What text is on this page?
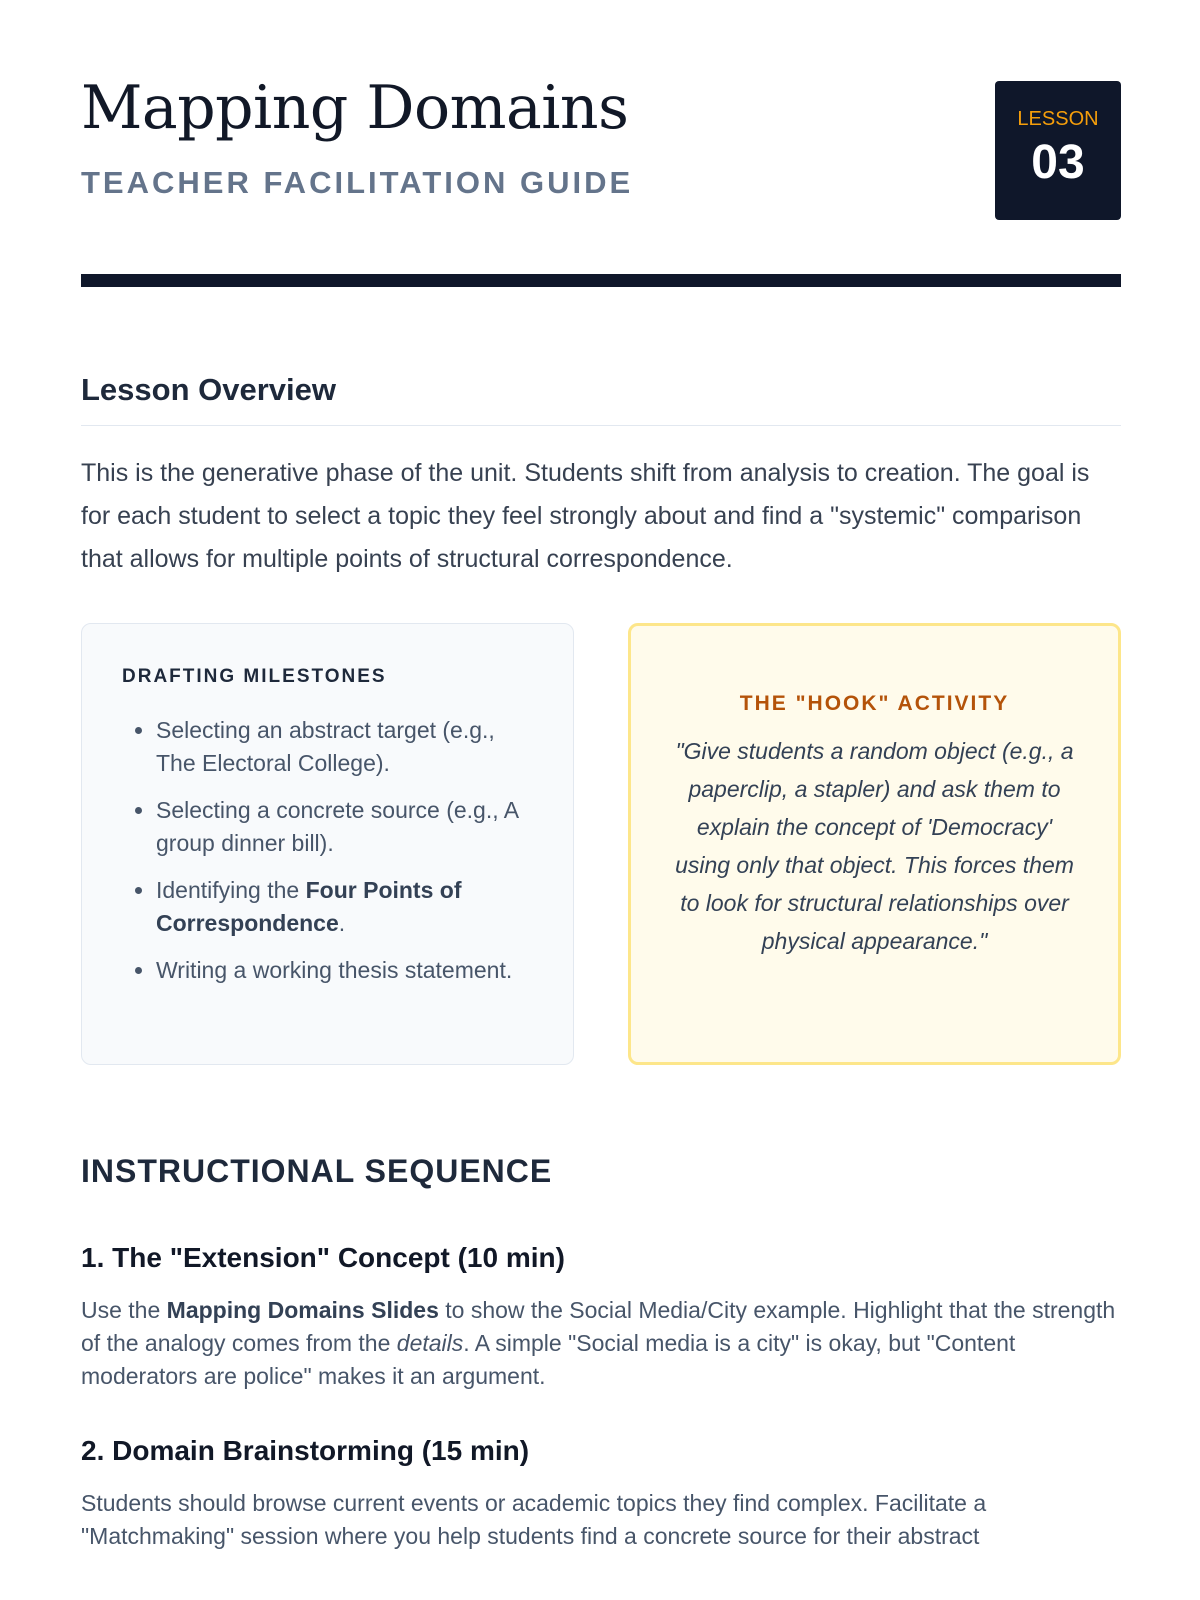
Mapping Domains
TEACHER FACILITATION GUIDE
LESSON
03
Lesson Overview

This is the generative phase of the unit. Students shift from analysis to creation. The goal is for each student to select a topic they feel strongly about and find a "systemic" comparison that allows for multiple points of structural correspondence.

DRAFTING MILESTONES
• Selecting an abstract target (e.g., The Electoral College).
• Selecting a concrete source (e.g., A group dinner bill).
• Identifying the Four Points of Correspondence.
• Writing a working thesis statement.
THE "HOOK" ACTIVITY
"Give students a random object (e.g., a paperclip, a stapler) and ask them to explain the concept of 'Democracy' using only that object. This forces them to look for structural relationships over physical appearance."
INSTRUCTIONAL SEQUENCE
1. The "Extension" Concept (10 min)

Use the Mapping Domains Slides to show the Social Media/City example. Highlight that the strength of the analogy comes from the details. A simple "Social media is a city" is okay, but "Content moderators are police" makes it an argument.

2. Domain Brainstorming (15 min)

Students should browse current events or academic topics they find complex. Facilitate a "Matchmaking" session where you help students find a concrete source for their abstract
